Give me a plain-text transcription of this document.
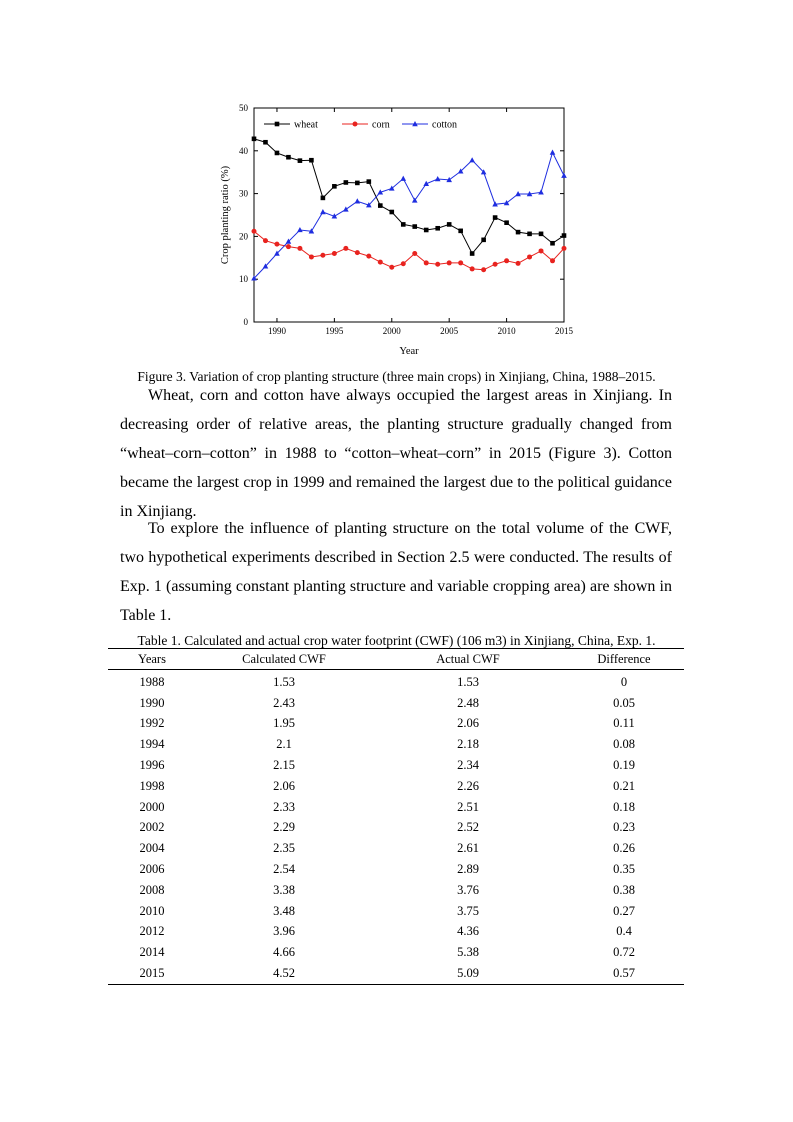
0
10
20
30
40
50
1990	1995	2000	2005	2010	2015
Year
Crop planting ratio (%)
wheat	corn	cotton
Figure 3. Variation of crop planting structure (three main crops) in Xinjiang, China, 1988–2015.

Wheat, corn and cotton have always occupied the largest areas in Xinjiang. In decreasing order of relative areas, the planting structure gradually changed from “wheat–corn–cotton” in 1988 to “cotton–wheat–corn” in 2015 (Figure 3). Cotton became the largest crop in 1999 and remained the largest due to the political guidance in Xinjiang.

To explore the influence of planting structure on the total volume of the CWF, two hypothetical experiments described in Section 2.5 were conducted. The results of Exp. 1 (assuming constant planting structure and variable cropping area) are shown in Table 1.

Table 1. Calculated and actual crop water footprint (CWF) (106 m3) in Xinjiang, China, Exp. 1.
Years	Calculated CWF	Actual CWF	Difference
1988	1.53	1.53	0
1990	2.43	2.48	0.05
1992	1.95	2.06	0.11
1994	2.1	2.18	0.08
1996	2.15	2.34	0.19
1998	2.06	2.26	0.21
2000	2.33	2.51	0.18
2002	2.29	2.52	0.23
2004	2.35	2.61	0.26
2006	2.54	2.89	0.35
2008	3.38	3.76	0.38
2010	3.48	3.75	0.27
2012	3.96	4.36	0.4
2014	4.66	5.38	0.72
2015	4.52	5.09	0.57
